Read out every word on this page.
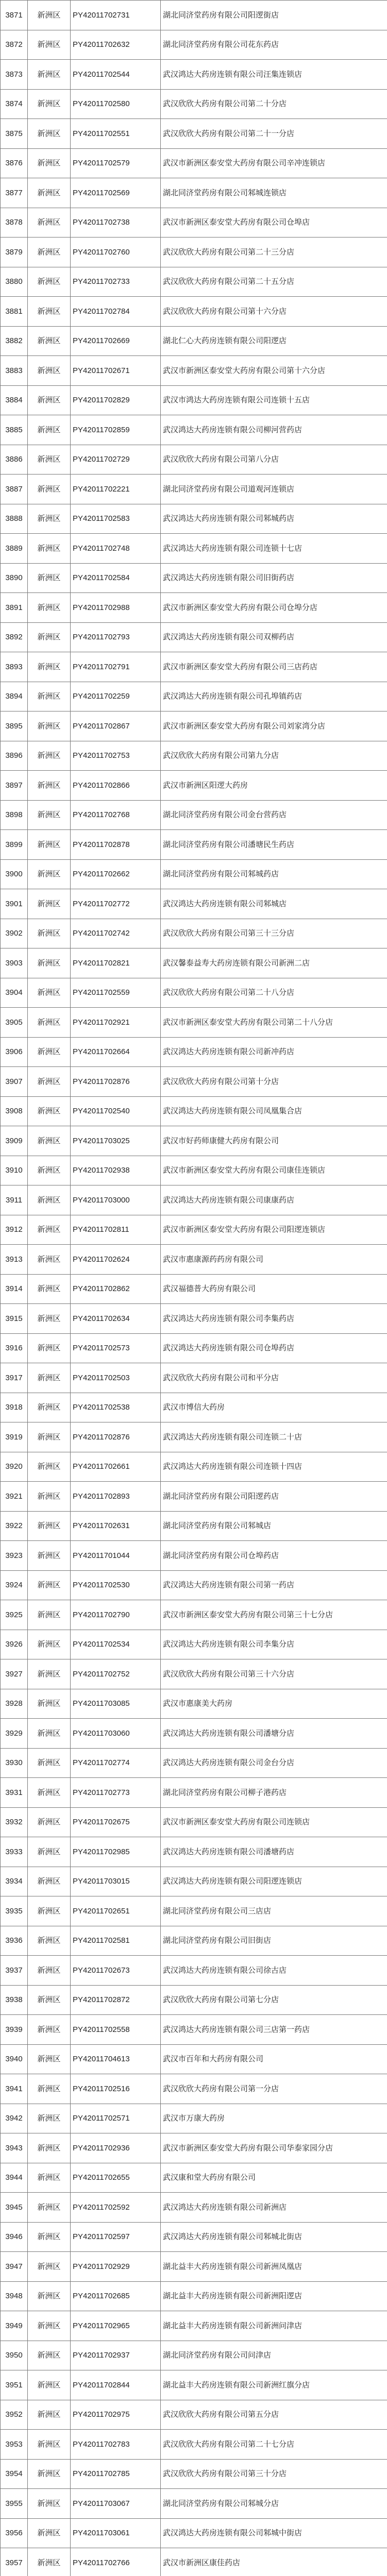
3871	新洲区	PY42011702731	湖北同济堂药房有限公司阳逻街店
3872	新洲区	PY42011702632	湖北同济堂药房有限公司花东药店
3873	新洲区	PY42011702544	武汉鸿达大药房连锁有限公司汪集连锁店
3874	新洲区	PY42011702580	武汉欣欣大药房有限公司第二十分店
3875	新洲区	PY42011702551	武汉欣欣大药房有限公司第二十一分店
3876	新洲区	PY42011702579	武汉市新洲区泰安堂大药房有限公司辛冲连锁店
3877	新洲区	PY42011702569	湖北同济堂药房有限公司邾城连锁店
3878	新洲区	PY42011702738	武汉市新洲区泰安堂大药房有限公司仓埠店
3879	新洲区	PY42011702760	武汉欣欣大药房有限公司第二十三分店
3880	新洲区	PY42011702733	武汉欣欣大药房有限公司第二十五分店
3881	新洲区	PY42011702784	武汉欣欣大药房有限公司第十六分店
3882	新洲区	PY42011702669	湖北仁心大药房连锁有限公司阳逻店
3883	新洲区	PY42011702671	武汉市新洲区泰安堂大药房有限公司第十六分店
3884	新洲区	PY42011702829	武汉市鸿达大药房连锁有限公司连锁十五店
3885	新洲区	PY42011702859	武汉鸿达大药房连锁有限公司柳河营药店
3886	新洲区	PY42011702729	武汉欣欣大药房有限公司第八分店
3887	新洲区	PY42011702221	湖北同济堂药房有限公司道观河连锁店
3888	新洲区	PY42011702583	武汉鸿达大药房连锁有限公司邾城药店
3889	新洲区	PY42011702748	武汉鸿达大药房连锁有限公司连锁十七店
3890	新洲区	PY42011702584	武汉鸿达大药房连锁有限公司旧街药店
3891	新洲区	PY42011702988	武汉市新洲区泰安堂大药房有限公司仓埠分店
3892	新洲区	PY42011702793	武汉鸿达大药房连锁有限公司双柳药店
3893	新洲区	PY42011702791	武汉市新洲区泰安堂大药房有限公司三店药店
3894	新洲区	PY42011702259	武汉鸿达大药房连锁有限公司孔埠镇药店
3895	新洲区	PY42011702867	武汉市新洲区泰安堂大药房有限公司刘家湾分店
3896	新洲区	PY42011702753	武汉欣欣大药房有限公司第九分店
3897	新洲区	PY42011702866	武汉市新洲区阳逻大药房
3898	新洲区	PY42011702768	湖北同济堂药房有限公司金台营药店
3899	新洲区	PY42011702878	湖北同济堂药房有限公司潘塘民生药店
3900	新洲区	PY42011702662	湖北同济堂药房有限公司邾城药店
3901	新洲区	PY42011702772	武汉鸿达大药房连锁有限公司邾城店
3902	新洲区	PY42011702742	武汉欣欣大药房有限公司第三十三分店
3903	新洲区	PY42011702821	武汉馨泰益寿大药房连锁有限公司新洲二店
3904	新洲区	PY42011702559	武汉欣欣大药房有限公司第二十八分店
3905	新洲区	PY42011702921	武汉市新洲区泰安堂大药房有限公司第二十八分店
3906	新洲区	PY42011702664	武汉鸿达大药房连锁有限公司新冲药店
3907	新洲区	PY42011702876	武汉欣欣大药房有限公司第十分店
3908	新洲区	PY42011702540	武汉鸿达大药房连锁有限公司凤凰集合店
3909	新洲区	PY42011703025	武汉市好药师康健大药房有限公司
3910	新洲区	PY42011702938	武汉市新洲区泰安堂大药房有限公司康佳连锁店
3911	新洲区	PY42011703000	武汉鸿达大药房连锁有限公司康康药店
3912	新洲区	PY42011702811	武汉市新洲区泰安堂大药房有限公司阳逻连锁店
3913	新洲区	PY42011702624	武汉市惠康源药药房有限公司
3914	新洲区	PY42011702862	武汉福德普大药房有限公司
3915	新洲区	PY42011702634	武汉鸿达大药房连锁有限公司李集药店
3916	新洲区	PY42011702573	武汉鸿达大药房连锁有限公司仓埠药店
3917	新洲区	PY42011702503	武汉欣欣大药房有限公司和平分店
3918	新洲区	PY42011702538	武汉市博信大药房
3919	新洲区	PY42011702876	武汉鸿达大药房连锁有限公司连锁二十店
3920	新洲区	PY42011702661	武汉鸿达大药房连锁有限公司连锁十四店
3921	新洲区	PY42011702893	湖北同济堂药房有限公司阳逻药店
3922	新洲区	PY42011702631	湖北同济堂药房有限公司邾城店
3923	新洲区	PY42011701044	湖北同济堂药房有限公司仓埠药店
3924	新洲区	PY42011702530	武汉鸿达大药房连锁有限公司第一药店
3925	新洲区	PY42011702790	武汉市新洲区泰安堂大药房有限公司第三十七分店
3926	新洲区	PY42011702534	武汉鸿达大药房连锁有限公司李集分店
3927	新洲区	PY42011702752	武汉欣欣大药房有限公司第三十六分店
3928	新洲区	PY42011703085	武汉市惠康美大药房
3929	新洲区	PY42011703060	武汉鸿达大药房连锁有限公司潘塘分店
3930	新洲区	PY42011702774	武汉鸿达大药房连锁有限公司金台分店
3931	新洲区	PY42011702773	湖北同济堂药房有限公司柳子港药店
3932	新洲区	PY42011702675	武汉市新洲区泰安堂大药房有限公司连锁店
3933	新洲区	PY42011702985	武汉鸿达大药房连锁有限公司潘塘药店
3934	新洲区	PY42011703015	武汉鸿达大药房连锁有限公司阳逻连锁店
3935	新洲区	PY42011702651	湖北同济堂药房有限公司三店店
3936	新洲区	PY42011702581	湖北同济堂药房有限公司旧街店
3937	新洲区	PY42011702673	武汉鸿达大药房连锁有限公司徐古店
3938	新洲区	PY42011702872	武汉欣欣大药房有限公司第七分店
3939	新洲区	PY42011702558	武汉鸿达大药房连锁有限公司三店第一药店
3940	新洲区	PY42011704613	武汉市百年和大药房有限公司
3941	新洲区	PY42011702516	武汉欣欣大药房有限公司第一分店
3942	新洲区	PY42011702571	武汉市万康大药房
3943	新洲区	PY42011702936	武汉市新洲区泰安堂大药房有限公司华泰家园分店
3944	新洲区	PY42011702655	武汉康和堂大药房有限公司
3945	新洲区	PY42011702592	武汉鸿达大药房连锁有限公司新洲店
3946	新洲区	PY42011702597	武汉鸿达大药房连锁有限公司邾城北街店
3947	新洲区	PY42011702929	湖北益丰大药房连锁有限公司新洲凤凰店
3948	新洲区	PY42011702685	湖北益丰大药房连锁有限公司新洲阳逻店
3949	新洲区	PY42011702965	湖北益丰大药房连锁有限公司新洲问津店
3950	新洲区	PY42011702937	湖北同济堂药房有限公司问津店
3951	新洲区	PY42011702844	湖北益丰大药房连锁有限公司新洲红旗分店
3952	新洲区	PY42011702975	武汉欣欣大药房有限公司第五分店
3953	新洲区	PY42011702783	武汉欣欣大药房有限公司第二十七分店
3954	新洲区	PY42011702785	武汉欣欣大药房有限公司第三十分店
3955	新洲区	PY42011703067	湖北同济堂药房有限公司邾城分店
3956	新洲区	PY42011703061	武汉鸿达大药房连锁有限公司邾城中街店
3957	新洲区	PY42011702766	武汉市新洲区康佳药店
